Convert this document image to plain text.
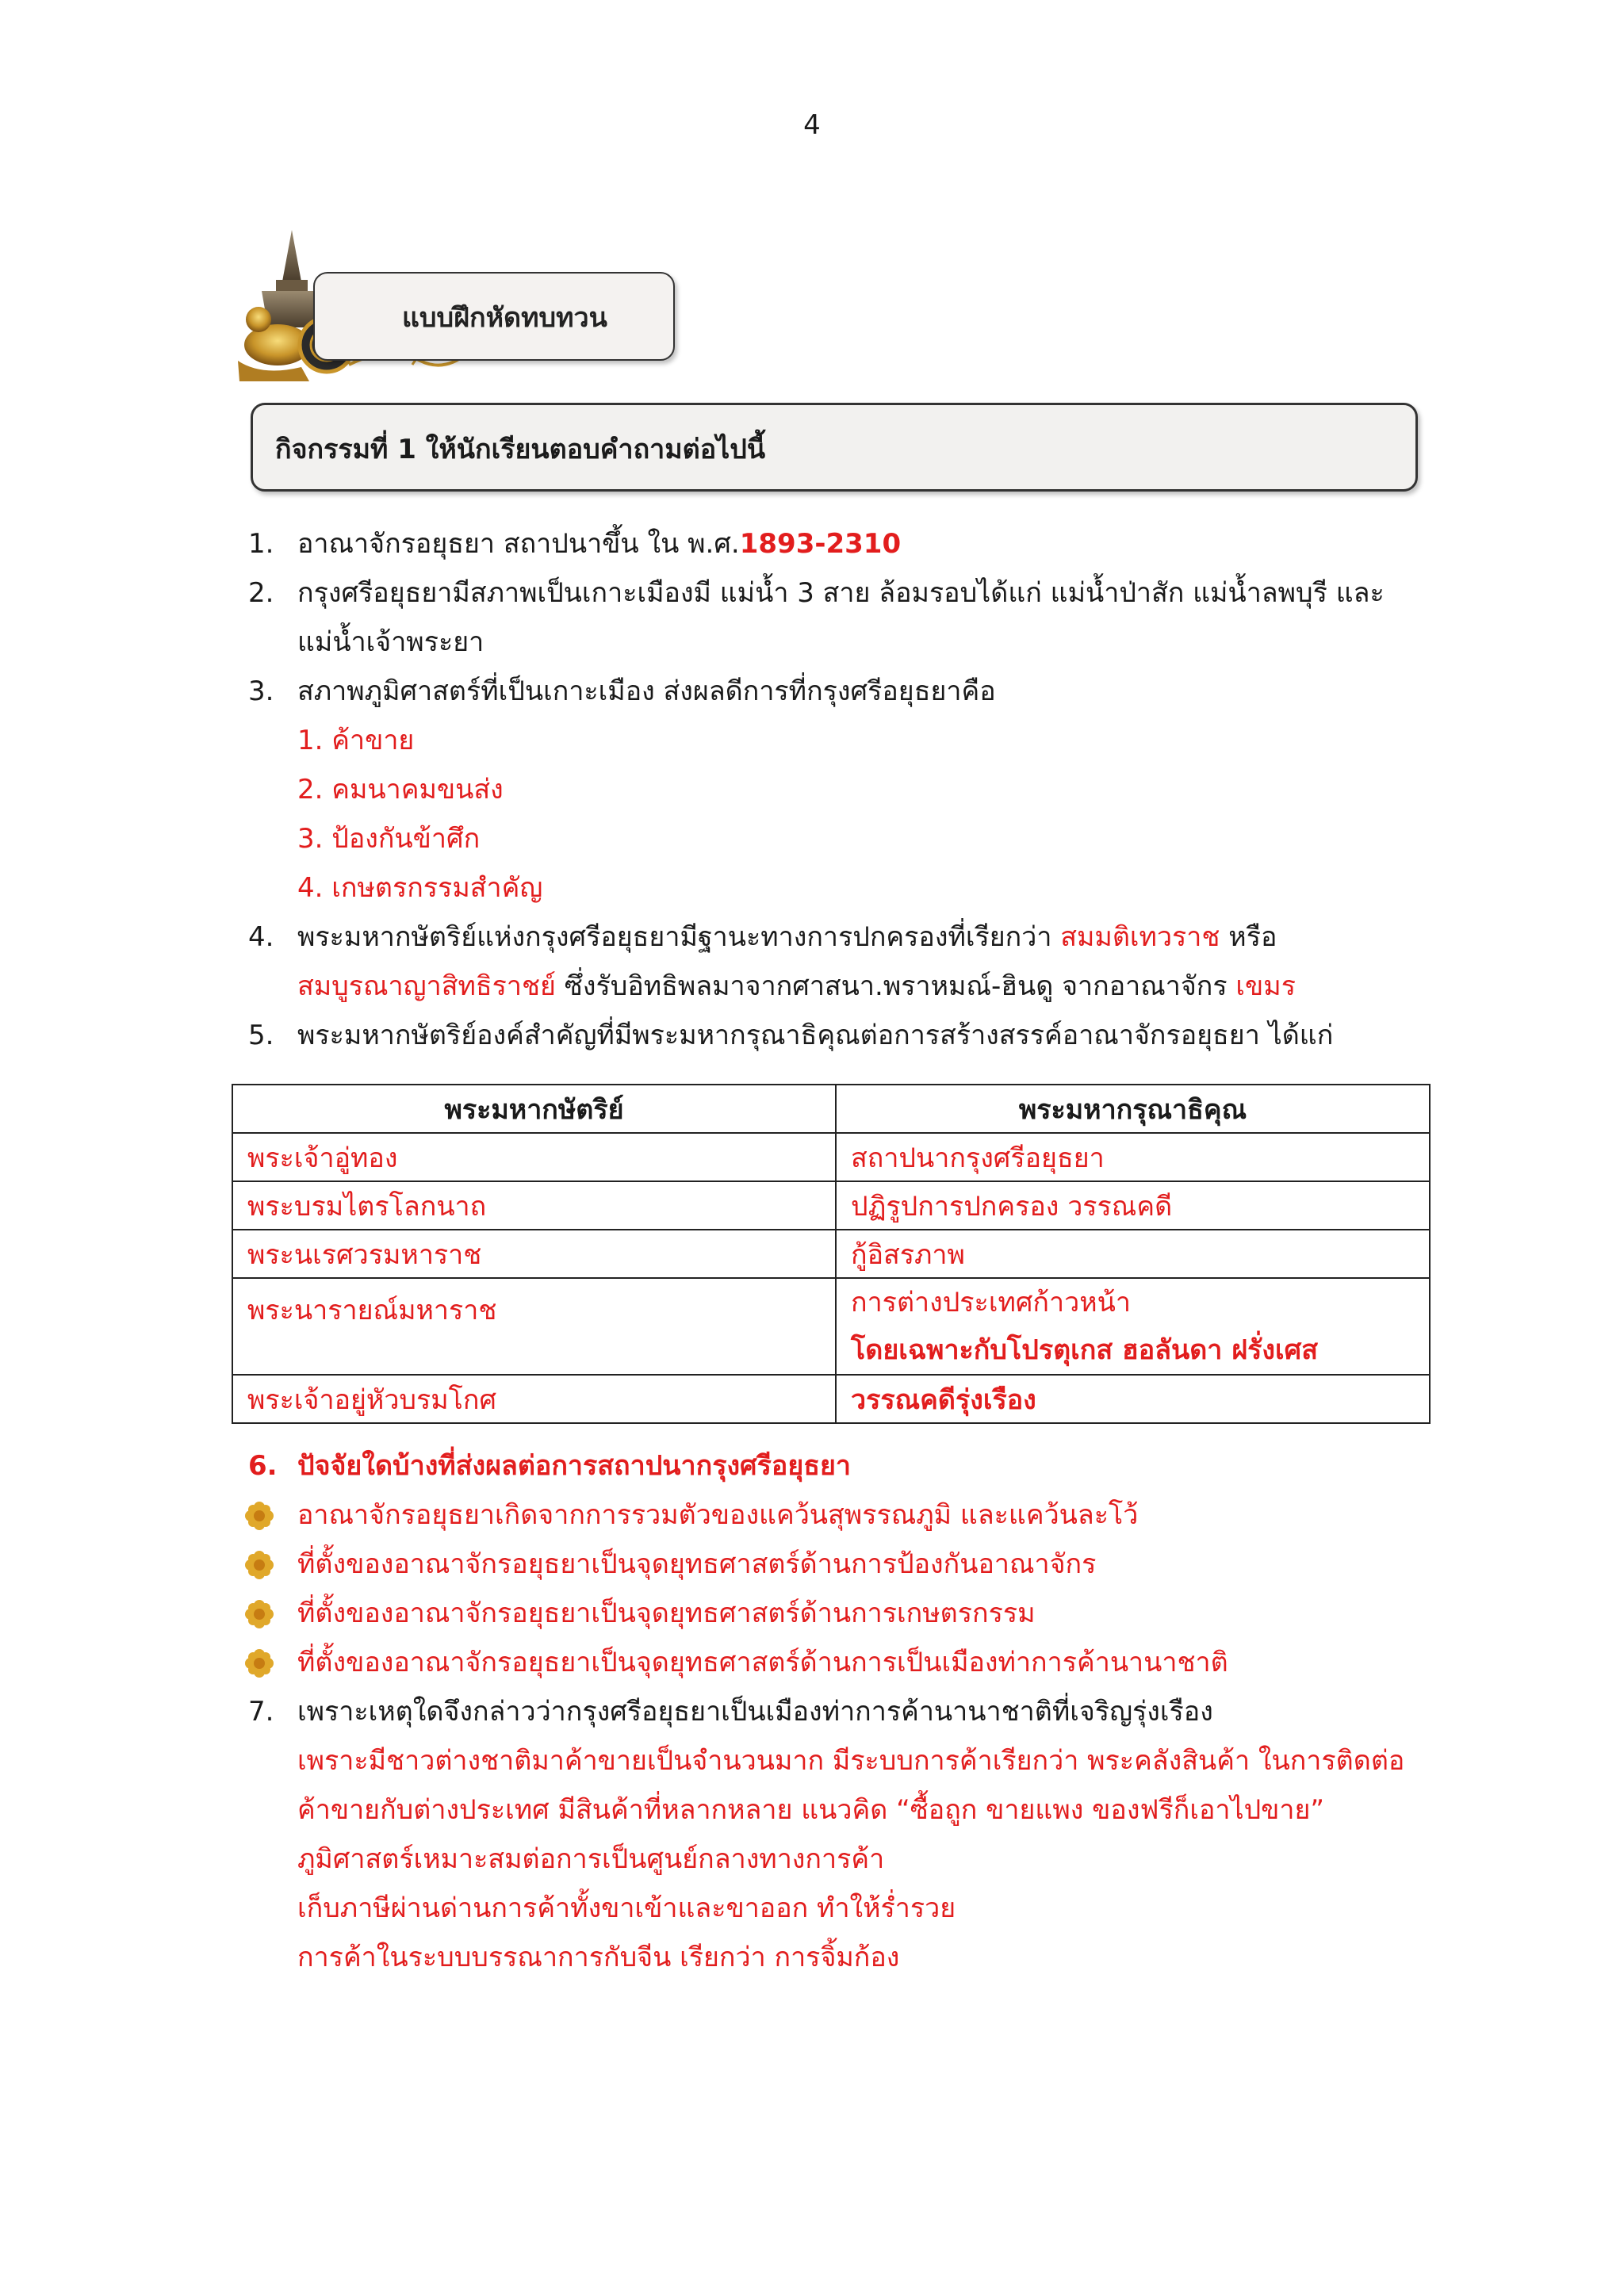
4
แบบฝึกหัดทบทวน
กิจกรรมที่ 1 ให้นักเรียนตอบคำถามต่อไปนี้
1. อาณาจักรอยุธยา สถาปนาขึ้น ใน พ.ศ.1893-2310
2. กรุงศรีอยุธยามีสภาพเป็นเกาะเมืองมี แม่น้ำ 3 สาย ล้อมรอบได้แก่ แม่น้ำป่าสัก แม่น้ำลพบุรี และ
แม่น้ำเจ้าพระยา
3. สภาพภูมิศาสตร์ที่เป็นเกาะเมือง ส่งผลดีการที่กรุงศรีอยุธยาคือ
1. ค้าขาย
2. คมนาคมขนส่ง
3. ป้องกันข้าศึก
4. เกษตรกรรมสำคัญ
4. พระมหากษัตริย์แห่งกรุงศรีอยุธยามีฐานะทางการปกครองที่เรียกว่า สมมติเทวราช หรือ
สมบูรณาญาสิทธิราชย์ ซึ่งรับอิทธิพลมาจากศาสนา.พราหมณ์-ฮินดู จากอาณาจักร เขมร
5. พระมหากษัตริย์องค์สำคัญที่มีพระมหากรุณาธิคุณต่อการสร้างสรรค์อาณาจักรอยุธยา ได้แก่
พระมหากษัตริย์	พระมหากรุณาธิคุณ
พระเจ้าอู่ทอง	สถาปนากรุงศรีอยุธยา
พระบรมไตรโลกนาถ	ปฏิรูปการปกครอง วรรณคดี
พระนเรศวรมหาราช	กู้อิสรภาพ
พระนารายณ์มหาราช	การต่างประเทศก้าวหน้า
โดยเฉพาะกับโปรตุเกส ฮอลันดา ฝรั่งเศส

พระเจ้าอยู่หัวบรมโกศ	วรรณคดีรุ่งเรือง
6. ปัจจัยใดบ้างที่ส่งผลต่อการสถาปนากรุงศรีอยุธยา
อาณาจักรอยุธยาเกิดจากการรวมตัวของแคว้นสุพรรณภูมิ และแคว้นละโว้
ที่ตั้งของอาณาจักรอยุธยาเป็นจุดยุทธศาสตร์ด้านการป้องกันอาณาจักร
ที่ตั้งของอาณาจักรอยุธยาเป็นจุดยุทธศาสตร์ด้านการเกษตรกรรม
ที่ตั้งของอาณาจักรอยุธยาเป็นจุดยุทธศาสตร์ด้านการเป็นเมืองท่าการค้านานาชาติ
7. เพราะเหตุใดจึงกล่าวว่ากรุงศรีอยุธยาเป็นเมืองท่าการค้านานาชาติที่เจริญรุ่งเรือง
เพราะมีชาวต่างชาติมาค้าขายเป็นจำนวนมาก มีระบบการค้าเรียกว่า พระคลังสินค้า ในการติดต่อ
ค้าขายกับต่างประเทศ มีสินค้าที่หลากหลาย แนวคิด “ซื้อถูก ขายแพง ของฟรีก็เอาไปขาย”
ภูมิศาสตร์เหมาะสมต่อการเป็นศูนย์กลางทางการค้า
เก็บภาษีผ่านด่านการค้าทั้งขาเข้าและขาออก ทำให้ร่ำรวย
การค้าในระบบบรรณาการกับจีน เรียกว่า การจิ้มก้อง
